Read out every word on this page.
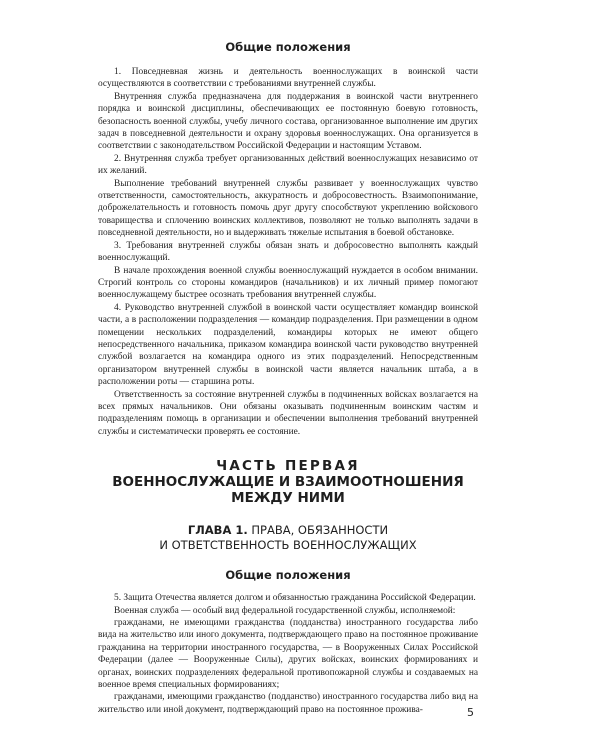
Общие положения

1. Повседневная жизнь и деятельность военнослужащих в воинской части осуществляются в соответствии с требованиями внутренней службы.

Внутренняя служба предназначена для поддержания в воинской части внутреннего порядка и воинской дисциплины, обеспечивающих ее постоянную боевую готовность, безопасность военной службы, учебу личного состава, организованное выполнение им других задач в повседневной деятельности и охрану здоровья военнослужащих. Она организуется в соответствии с законодательством Российской Федерации и настоящим Уставом.

2. Внутренняя служба требует организованных действий военнослужащих независимо от их желаний.

Выполнение требований внутренней службы развивает у военнослужащих чувство ответственности, самостоятельность, аккуратность и добросовестность. Взаимопонимание, доброжелательность и готовность помочь друг другу способствуют укреплению войскового товарищества и сплочению воинских коллективов, позволяют не только выполнять задачи в повседневной деятельности, но и выдерживать тяжелые испытания в боевой обстановке.

3. Требования внутренней службы обязан знать и добросовестно выполнять каждый военнослужащий.

В начале прохождения военной службы военнослужащий нуждается в особом внимании. Строгий контроль со стороны командиров (начальников) и их личный пример помогают военнослужащему быстрее осознать требования внутренней службы.

4. Руководство внутренней службой в воинской части осуществляет командир воинской части, а в расположении подразделения — командир подразделения. При размещении в одном помещении нескольких подразделений, командиры которых не имеют общего непосредственного начальника, приказом командира воинской части руководство внутренней службой возлагается на командира одного из этих подразделений. Непосредственным организатором внутренней службы в воинской части является начальник штаба, а в расположении роты — старшина роты.

Ответственность за состояние внутренней службы в подчиненных войсках возлагается на всех прямых начальников. Они обязаны оказывать подчиненным воинским частям и подразделениям помощь в организации и обеспечении выполнения требований внутренней службы и систематически проверять ее состояние.

ЧАСТЬ ПЕРВАЯ
ВОЕННОСЛУЖАЩИЕ И ВЗАИМООТНОШЕНИЯ
МЕЖДУ НИМИ
ГЛАВА 1. ПРАВА, ОБЯЗАННОСТИ
И ОТВЕТСТВЕННОСТЬ ВОЕННОСЛУЖАЩИХ
Общие положения

5. Защита Отечества является долгом и обязанностью гражданина Российской Федерации.

Военная служба — особый вид федеральной государственной службы, исполняемой:

гражданами, не имеющими гражданства (подданства) иностранного государства либо вида на жительство или иного документа, подтверждающего право на постоянное проживание гражданина на территории иностранного государства, — в Вооруженных Силах Российской Федерации (далее — Вооруженные Силы), других войсках, воинских формированиях и органах, воинских подразделениях федеральной противопожарной службы и создаваемых на военное время специальных формированиях;

гражданами, имеющими гражданство (подданство) иностранного государства либо вид на жительство или иной документ, подтверждающий право на постоянное прожива-	5
